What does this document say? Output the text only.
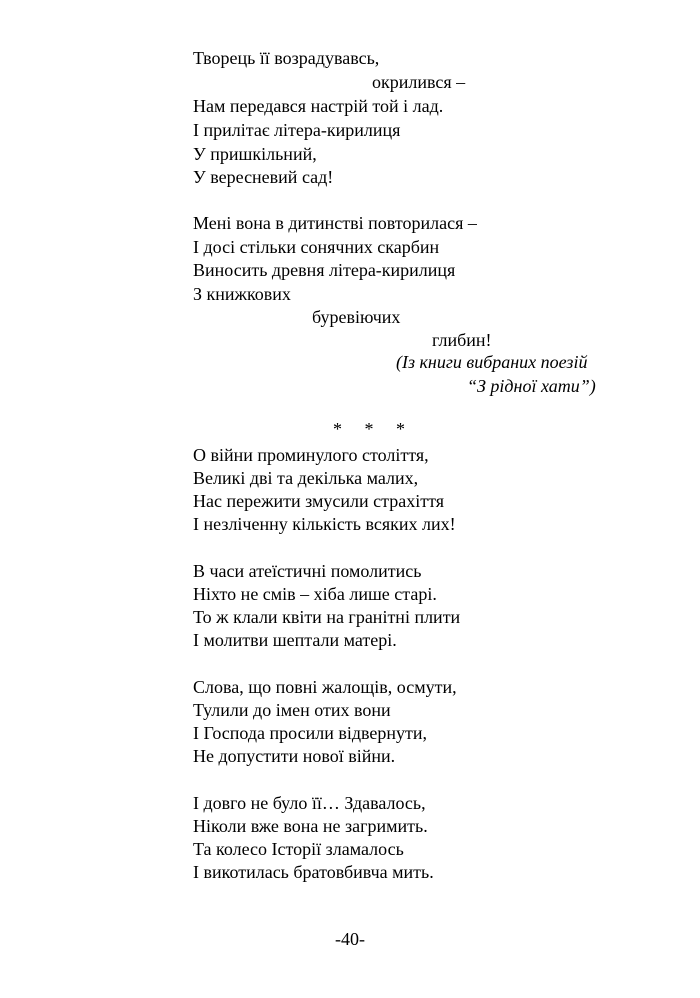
Творець її возрадувавсь,
окрилився –
Нам передався настрій той і лад.
І прилітає літера-кирилиця
У пришкільний,
У вересневий сад!
Мені вона в дитинстві повторилася –
І досі стільки сонячних скарбин
Виносить древня літера-кирилиця
З книжкових
буревіючих
глибин!
(Із книги вибраних поезій
“З рідної хати”)
*     *     *
О війни проминулого століття,
Великі дві та декілька малих,
Нас пережити змусили страхіття
І незліченну кількість всяких лих!
В часи атеїстичні помолитись
Ніхто не смів – хіба лише старі.
То ж клали квіти на гранітні плити
І молитви шептали матері.
Слова, що повні жалощів, осмути,
Тулили до імен отих вони
І Господа просили відвернути,
Не допустити нової війни.
І довго не було її… Здавалось,
Ніколи вже вона не загримить.
Та колесо Історії зламалось
І викотилась братовбивча мить.
-40-
